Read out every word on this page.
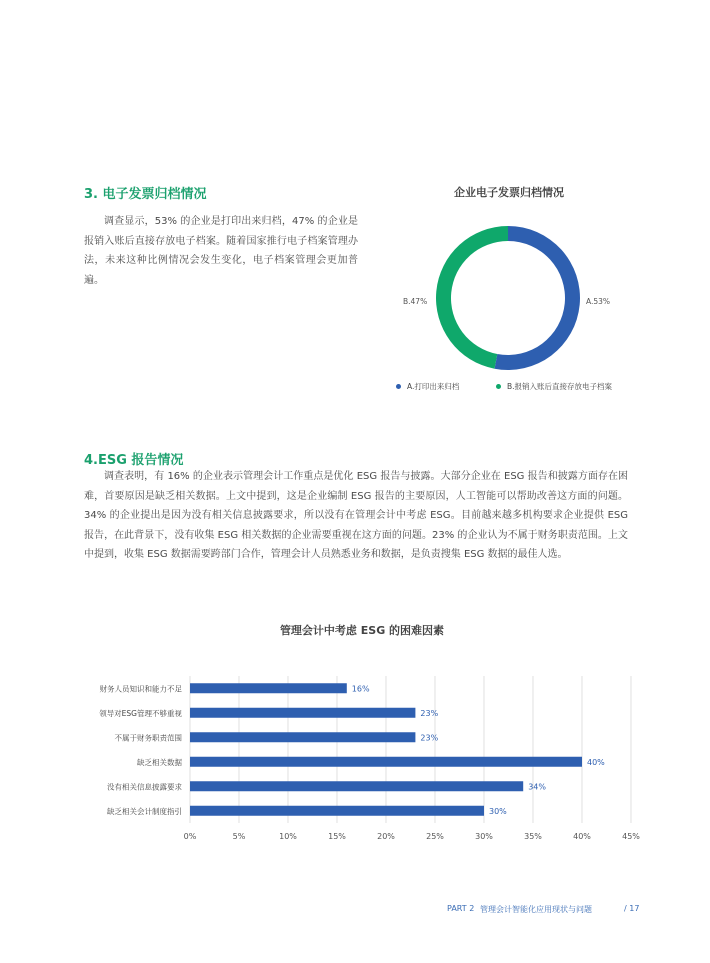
3. 电子发票归档情况
调查显示，53% 的企业是打印出来归档，47% 的企业是报销入账后直接存放电子档案。随着国家推行电子档案管理办法，未来这种比例情况会发生变化，电子档案管理会更加普遍。
企业电子发票归档情况
B.47%	A.53%
A.打印出来归档	B.报销入账后直接存放电子档案
4.ESG 报告情况
调查表明，有 16% 的企业表示管理会计工作重点是优化 ESG 报告与披露。大部分企业在 ESG 报告和披露方面存在困难，首要原因是缺乏相关数据。上文中提到，这是企业编制 ESG 报告的主要原因，人工智能可以帮助改善这方面的问题。34% 的企业提出是因为没有相关信息披露要求，所以没有在管理会计中考虑 ESG。目前越来越多机构要求企业提供 ESG 报告，在此背景下，没有收集 ESG 相关数据的企业需要重视在这方面的问题。23% 的企业认为不属于财务职责范围。上文中提到，收集 ESG 数据需要跨部门合作，管理会计人员熟悉业务和数据，是负责搜集 ESG 数据的最佳人选。
管理会计中考虑 ESG 的困难因素
财务人员知识和能力不足
领导对ESG管理不够重视
不属于财务职责范围
缺乏相关数据
没有相关信息披露要求
缺乏相关会计制度指引
16%
23%
23%
40%
34%
30%
0%	5%	10%	15%	20%	25%	30%	35%	40%	45%
PART 2 管理会计智能化应用现状与问题	/ 17
